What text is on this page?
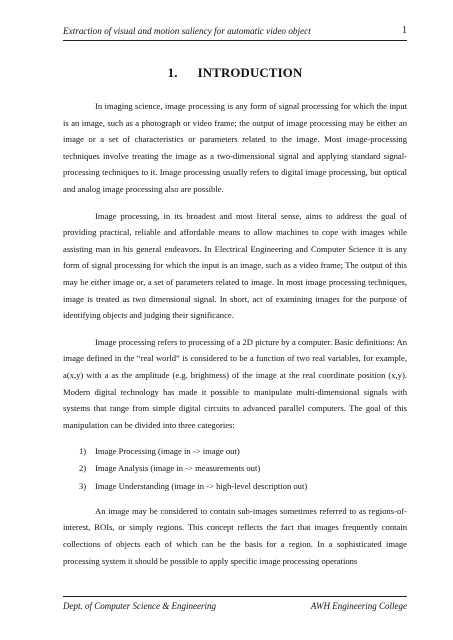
Extraction of visual and motion saliency for automatic video object	1
1. INTRODUCTION

In imaging science, image processing is any form of signal processing for which the input is an image, such as a photograph or video frame; the output of image processing may be either an image or a set of characteristics or parameters related to the image. Most image-processing techniques involve treating the image as a two-dimensional signal and applying standard signal-processing techniques to it. Image processing usually refers to digital image processing, but optical and analog image processing also are possible.

Image processing, in its broadest and most literal sense, aims to address the goal of providing practical, reliable and affordable means to allow machines to cope with images while assisting man in his general endeavors. In Electrical Engineering and Computer Science it is any form of signal processing for which the input is an image, such as a video frame; The output of this may be either image or, a set of parameters related to image. In most image processing techniques, image is treated as two dimensional signal. In short, act of examining images for the purpose of identifying objects and judging their significance.

Image processing refers to processing of a 2D picture by a computer. Basic definitions: An image defined in the “real world” is considered to be a function of two real variables, for example, a(x,y) with a as the amplitude (e.g. brightness) of the image at the real coordinate position (x,y). Modern digital technology has made it possible to manipulate multi-dimensional signals with systems that range from simple digital circuits to advanced parallel computers. The goal of this manipulation can be divided into three categories:

1) Image Processing (image in -> image out)
2) Image Analysis (image in -> measurements out)
3) Image Understanding (image in -> high-level description out)

An image may be considered to contain sub-images sometimes referred to as regions-of-interest, ROIs, or simply regions. This concept reflects the fact that images frequently contain collections of objects each of which can be the basis for a region. In a sophisticated image processing system it should be possible to apply specific image processing operations

Dept. of Computer Science & Engineering	AWH Engineering College
